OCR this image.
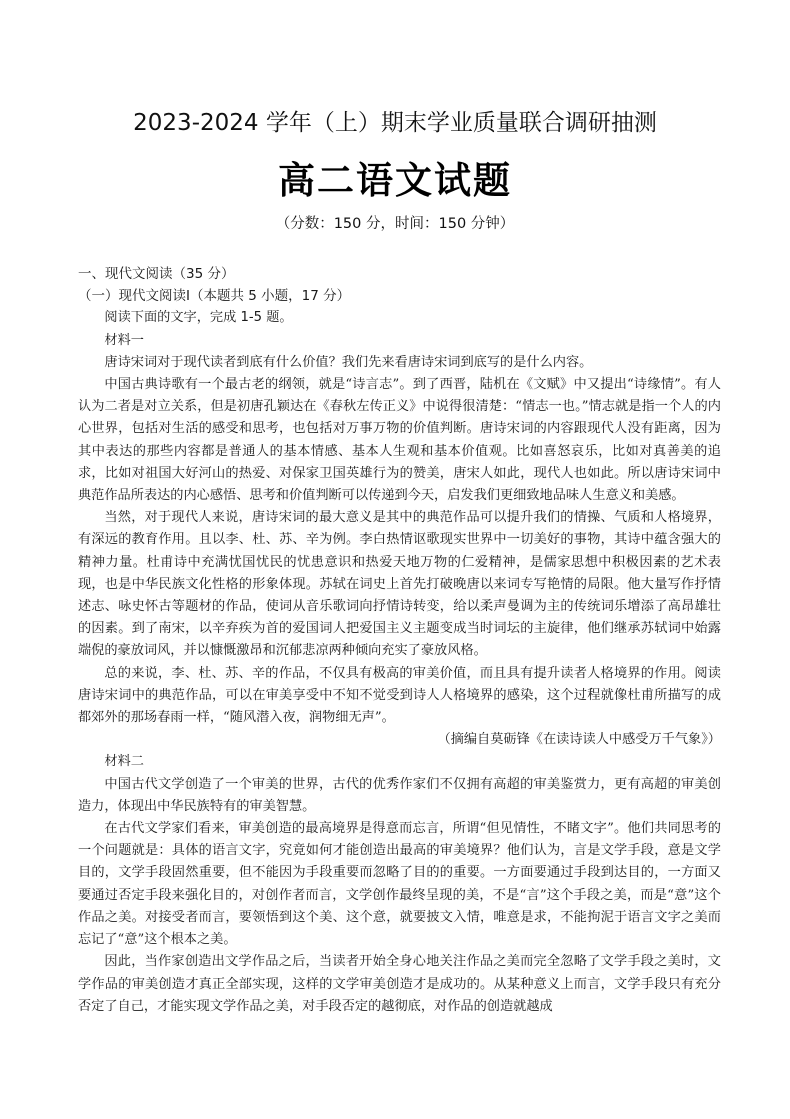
2023-2024 学年（上）期末学业质量联合调研抽测
高二语文试题
（分数：150 分，时间：150 分钟）

一、现代文阅读（35 分）

（一）现代文阅读Ⅰ（本题共 5 小题，17 分）

阅读下面的文字，完成 1-5 题。

材料一

唐诗宋词对于现代读者到底有什么价值？我们先来看唐诗宋词到底写的是什么内容。

中国古典诗歌有一个最古老的纲领，就是“诗言志”。到了西晋，陆机在《文赋》中又提出“诗缘情”。有人认为二者是对立关系，但是初唐孔颖达在《春秋左传正义》中说得很清楚：“情志一也。”情志就是指一个人的内心世界，包括对生活的感受和思考，也包括对万事万物的价值判断。唐诗宋词的内容跟现代人没有距离，因为其中表达的那些内容都是普通人的基本情感、基本人生观和基本价值观。比如喜怒哀乐，比如对真善美的追求，比如对祖国大好河山的热爱、对保家卫国英雄行为的赞美，唐宋人如此，现代人也如此。所以唐诗宋词中典范作品所表达的内心感悟、思考和价值判断可以传递到今天，启发我们更细致地品味人生意义和美感。

当然，对于现代人来说，唐诗宋词的最大意义是其中的典范作品可以提升我们的情操、气质和人格境界，有深远的教育作用。且以李、杜、苏、辛为例。李白热情讴歌现实世界中一切美好的事物，其诗中蕴含强大的精神力量。杜甫诗中充满忧国忧民的忧患意识和热爱天地万物的仁爱精神，是儒家思想中积极因素的艺术表现，也是中华民族文化性格的形象体现。苏轼在词史上首先打破晚唐以来词专写艳情的局限。他大量写作抒情述志、咏史怀古等题材的作品，使词从音乐歌词向抒情诗转变，给以柔声曼调为主的传统词乐增添了高昂雄壮的因素。到了南宋，以辛弃疾为首的爱国词人把爱国主义主题变成当时词坛的主旋律，他们继承苏轼词中始露端倪的豪放词风，并以慷慨激昂和沉郁悲凉两种倾向充实了豪放风格。

总的来说，李、杜、苏、辛的作品，不仅具有极高的审美价值，而且具有提升读者人格境界的作用。阅读唐诗宋词中的典范作品，可以在审美享受中不知不觉受到诗人人格境界的感染，这个过程就像杜甫所描写的成都郊外的那场春雨一样，“随风潜入夜，润物细无声”。

（摘编自莫砺锋《在读诗读人中感受万千气象》）

材料二

中国古代文学创造了一个审美的世界，古代的优秀作家们不仅拥有高超的审美鉴赏力，更有高超的审美创造力，体现出中华民族特有的审美智慧。

在古代文学家们看来，审美创造的最高境界是得意而忘言，所谓“但见情性，不睹文字”。他们共同思考的一个问题就是：具体的语言文字，究竟如何才能创造出最高的审美境界？他们认为，言是文学手段，意是文学目的，文学手段固然重要，但不能因为手段重要而忽略了目的的重要。一方面要通过手段到达目的，一方面又要通过否定手段来强化目的，对创作者而言，文学创作最终呈现的美，不是“言”这个手段之美，而是“意”这个作品之美。对接受者而言，要领悟到这个美、这个意，就要披文入情，唯意是求，不能拘泥于语言文字之美而忘记了“意”这个根本之美。

因此，当作家创造出文学作品之后，当读者开始全身心地关注作品之美而完全忽略了文学手段之美时，文学作品的审美创造才真正全部实现，这样的文学审美创造才是成功的。从某种意义上而言，文学手段只有充分否定了自己，才能实现文学作品之美，对手段否定的越彻底，对作品的创造就越成
